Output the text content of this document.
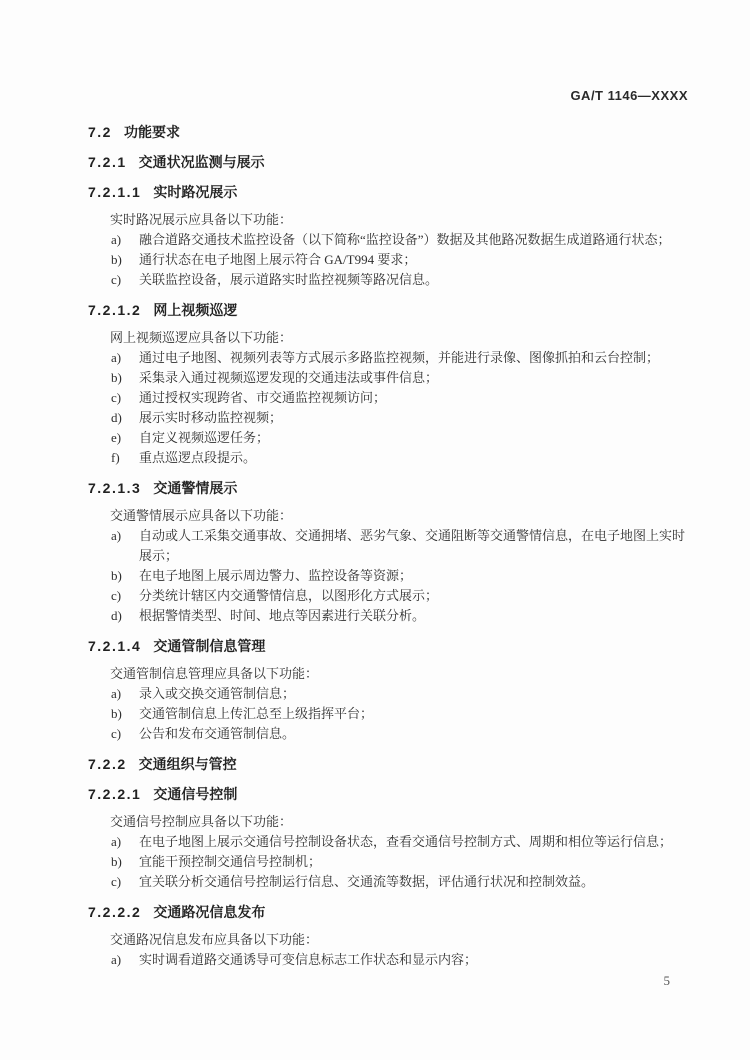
GA/T 1146—XXXX
7.2 功能要求
7.2.1 交通状况监测与展示
7.2.1.1 实时路况展示

实时路况展示应具备以下功能：

a)	融合道路交通技术监控设备（以下简称“监控设备”）数据及其他路况数据生成道路通行状态；
b)	通行状态在电子地图上展示符合 GA/T994 要求；
c)	关联监控设备，展示道路实时监控视频等路况信息。
7.2.1.2 网上视频巡逻

网上视频巡逻应具备以下功能：

a)	通过电子地图、视频列表等方式展示多路监控视频，并能进行录像、图像抓拍和云台控制；
b)	采集录入通过视频巡逻发现的交通违法或事件信息；
c)	通过授权实现跨省、市交通监控视频访问；
d)	展示实时移动监控视频；
e)	自定义视频巡逻任务；
f)	重点巡逻点段提示。
7.2.1.3 交通警情展示

交通警情展示应具备以下功能：

a)	自动或人工采集交通事故、交通拥堵、恶劣气象、交通阻断等交通警情信息，在电子地图上实时展示；
b)	在电子地图上展示周边警力、监控设备等资源；
c)	分类统计辖区内交通警情信息，以图形化方式展示；
d)	根据警情类型、时间、地点等因素进行关联分析。
7.2.1.4 交通管制信息管理

交通管制信息管理应具备以下功能：

a)	录入或交换交通管制信息；
b)	交通管制信息上传汇总至上级指挥平台；
c)	公告和发布交通管制信息。
7.2.2 交通组织与管控
7.2.2.1 交通信号控制

交通信号控制应具备以下功能：

a)	在电子地图上展示交通信号控制设备状态，查看交通信号控制方式、周期和相位等运行信息；
b)	宜能干预控制交通信号控制机；
c)	宜关联分析交通信号控制运行信息、交通流等数据，评估通行状况和控制效益。
7.2.2.2 交通路况信息发布

交通路况信息发布应具备以下功能：

a)	实时调看道路交通诱导可变信息标志工作状态和显示内容；
5
